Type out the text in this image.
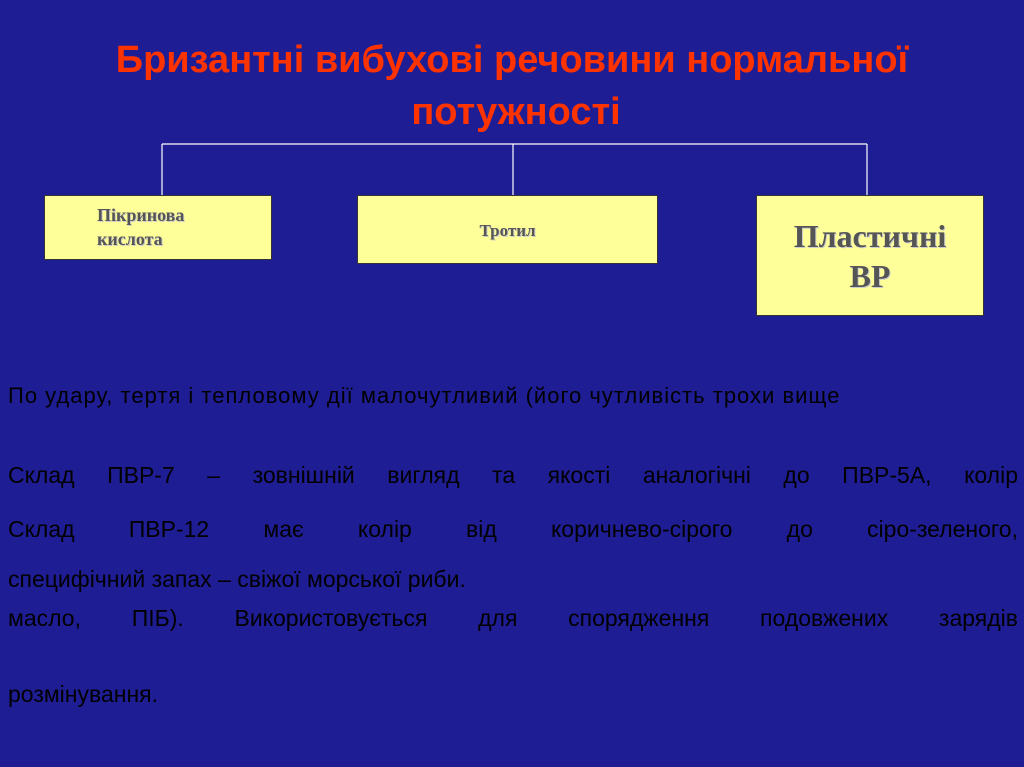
Бризантні вибухові речовини нормальної
потужності
Пікринова
кислота	Тротил	Пластичні
ВР
По удару, тертя і тепловому дії малочутливий (його чутливість трохи вище

Склад ПВР-7 – зовнішній вигляд та якості аналогічні до ПВР-5А, колір

Склад ПВР-12 має колір від коричнево-сірого до сіро-зеленого,

специфічний запах – свіжої морської риби.

масло, ПІБ). Використовується для спорядження подовжених зарядів

розмінування.
